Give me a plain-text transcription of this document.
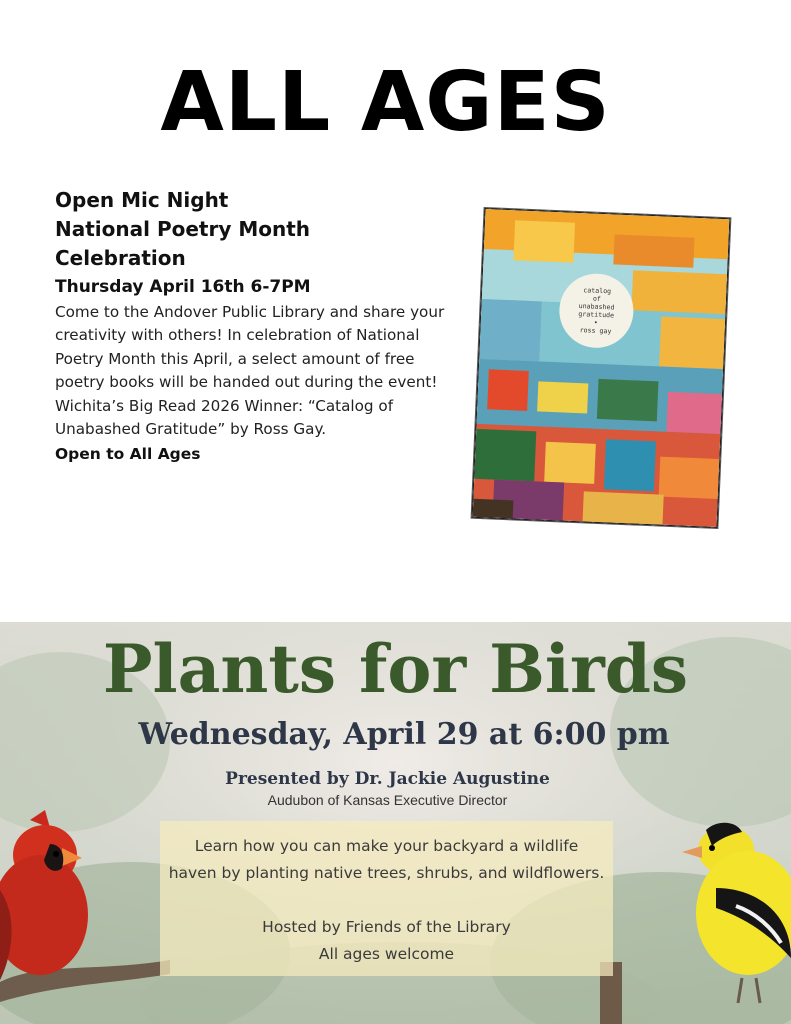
ALL AGES
Open Mic Night
National Poetry Month
Celebration
Thursday April 16th 6-7PM
Come to the Andover Public Library and share your creativity with others! In celebration of National Poetry Month this April, a select amount of free poetry books will be handed out during the event! Wichita’s Big Read 2026 Winner: “Catalog of Unabashed Gratitude” by Ross Gay.
Open to All Ages
catalog
of
unabashed
gratitude
•
ross gay
Plants for Birds
Wednesday, April 29 at 6:00 pm
Presented by Dr. Jackie Augustine
Audubon of Kansas Executive Director
Learn how you can make your backyard a wildlife
haven by planting native trees, shrubs, and wildflowers.
Hosted by Friends of the Library
All ages welcome
